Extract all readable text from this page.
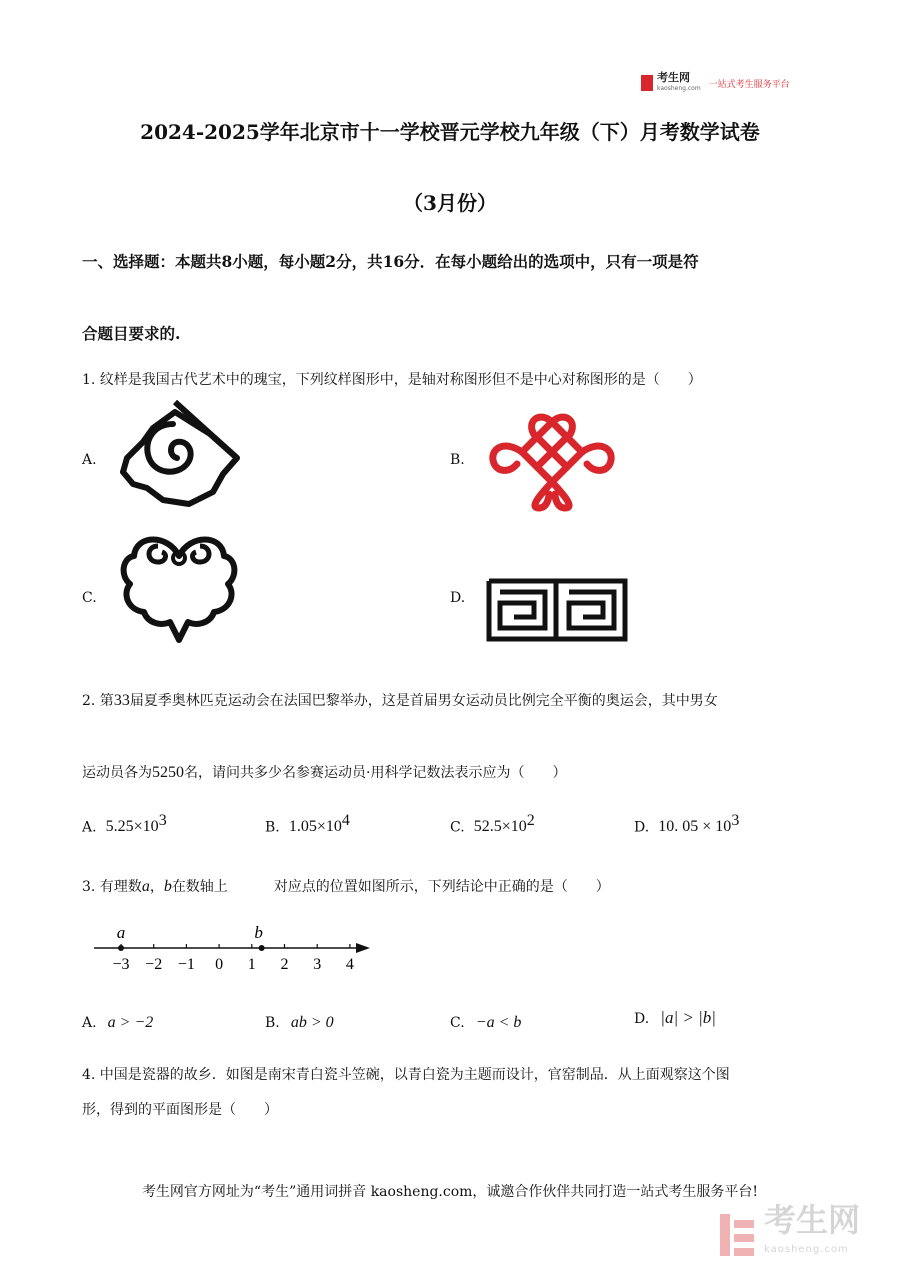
考生网
kaosheng.com 一站式考生服务平台
2024-2025学年北京市十一学校晋元学校九年级（下）月考数学试卷
（3月份）
一、选择题：本题共8小题，每小题2分，共16分．在每小题给出的选项中，只有一项是符
合题目要求的.
1. 纹样是我国古代艺术中的瑰宝，下列纹样图形中，是轴对称图形但不是中心对称图形的是（　　）
A.	B.
C.	D.
2. 第33届夏季奥林匹克运动会在法国巴黎举办，这是首届男女运动员比例完全平衡的奥运会，其中男女
运动员各为5250名，请问共多少名参赛运动员·用科学记数法表示应为（　　）
A. $5.25\times 10^3$	B. $1.05\times 10^4$	C. $52.5\times 10^2$	D. 10. $05 \times 10^3$
3. 有理数a，b在数轴上	对应点的位置如图所示，下列结论中正确的是（　　）
−3 −2 −1 0 1 2 3 4
a	b
A. a > −2	B. ab > 0	C. −a < b	D. |a| > |b|
4. 中国是瓷器的故乡．如图是南宋青白瓷斗笠碗，以青白瓷为主题而设计，官窑制品．从上面观察这个图
形，得到的平面图形是（　　）
考生网官方网址为“考生”通用词拼音 kaosheng.com，诚邀合作伙伴共同打造一站式考生服务平台!
考生网
kaosheng.com
